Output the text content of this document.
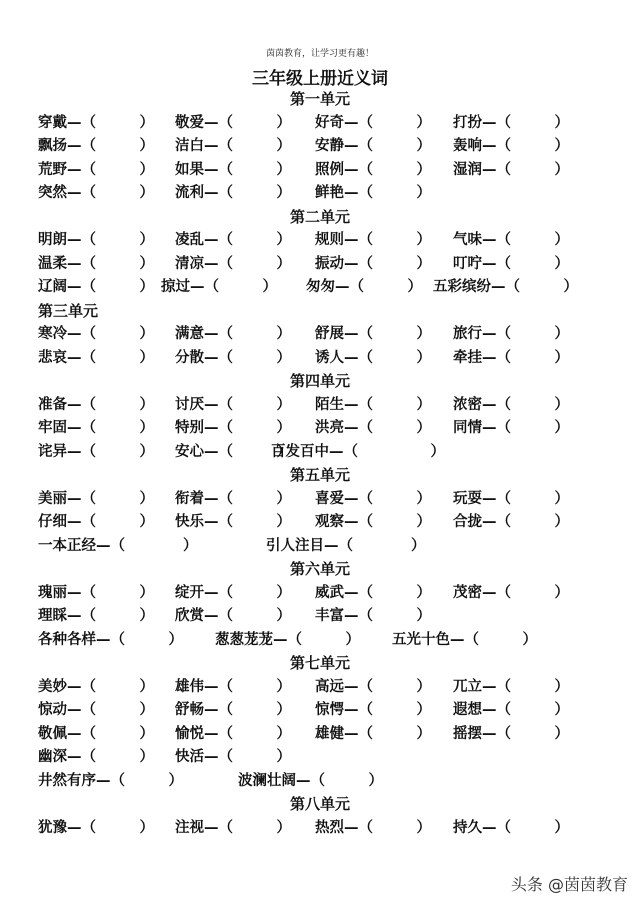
茵茵教育，让学习更有趣！
三年级上册近义词
第一单元
穿戴—（　　　） 敬爱—（　　　） 好奇—（　　　） 打扮—（　　　）
飘扬—（　　　） 洁白—（　　　） 安静—（　　　） 轰响—（　　　）
荒野—（　　　） 如果—（　　　） 照例—（　　　） 湿润—（　　　）
突然—（　　　） 流利—（　　　） 鲜艳—（　　　）
第二单元
明朗—（　　　） 凌乱—（　　　） 规则—（　　　） 气味—（　　　）
温柔—（　　　） 清凉—（　　　） 振动—（　　　） 叮咛—（　　　）
辽阔—（　　　） 掠过—（　　　） 匆匆—（　　　） 五彩缤纷—（　　　）
第三单元
寒冷—（　　　） 满意—（　　　） 舒展—（　　　） 旅行—（　　　）
悲哀—（　　　） 分散—（　　　） 诱人—（　　　） 牵挂—（　　　）
第四单元
准备—（　　　） 讨厌—（　　　） 陌生—（　　　） 浓密—（　　　）
牢固—（　　　） 特别—（　　　） 洪亮—（　　　） 同情—（　　　）
诧异—（　　　） 安心—（　　　）
百发百中—（　　　　　）
第五单元
美丽—（　　　） 衔着—（　　　） 喜爱—（　　　） 玩耍—（　　　）
仔细—（　　　） 快乐—（　　　） 观察—（　　　） 合拢—（　　　）
一本正经—（　　　　）	引人注目—（　　　　）
第六单元
瑰丽—（　　　） 绽开—（　　　） 威武—（　　　） 茂密—（　　　）
理睬—（　　　） 欣赏—（　　　） 丰富—（　　　）
各种各样—（　　　） 葱葱茏茏—（　　　） 五光十色—（　　　）
第七单元
美妙—（　　　） 雄伟—（　　　） 高远—（　　　） 兀立—（　　　）
惊动—（　　　） 舒畅—（　　　） 惊愕—（　　　） 遐想—（　　　）
敬佩—（　　　） 愉悦—（　　　） 雄健—（　　　） 摇摆—（　　　）
幽深—（　　　） 快活—（　　　）
井然有序—（　　　）	波澜壮阔—（　　　）
第八单元
犹豫—（　　　） 注视—（　　　） 热烈—（　　　） 持久—（　　　）
头条 @茵茵教育
